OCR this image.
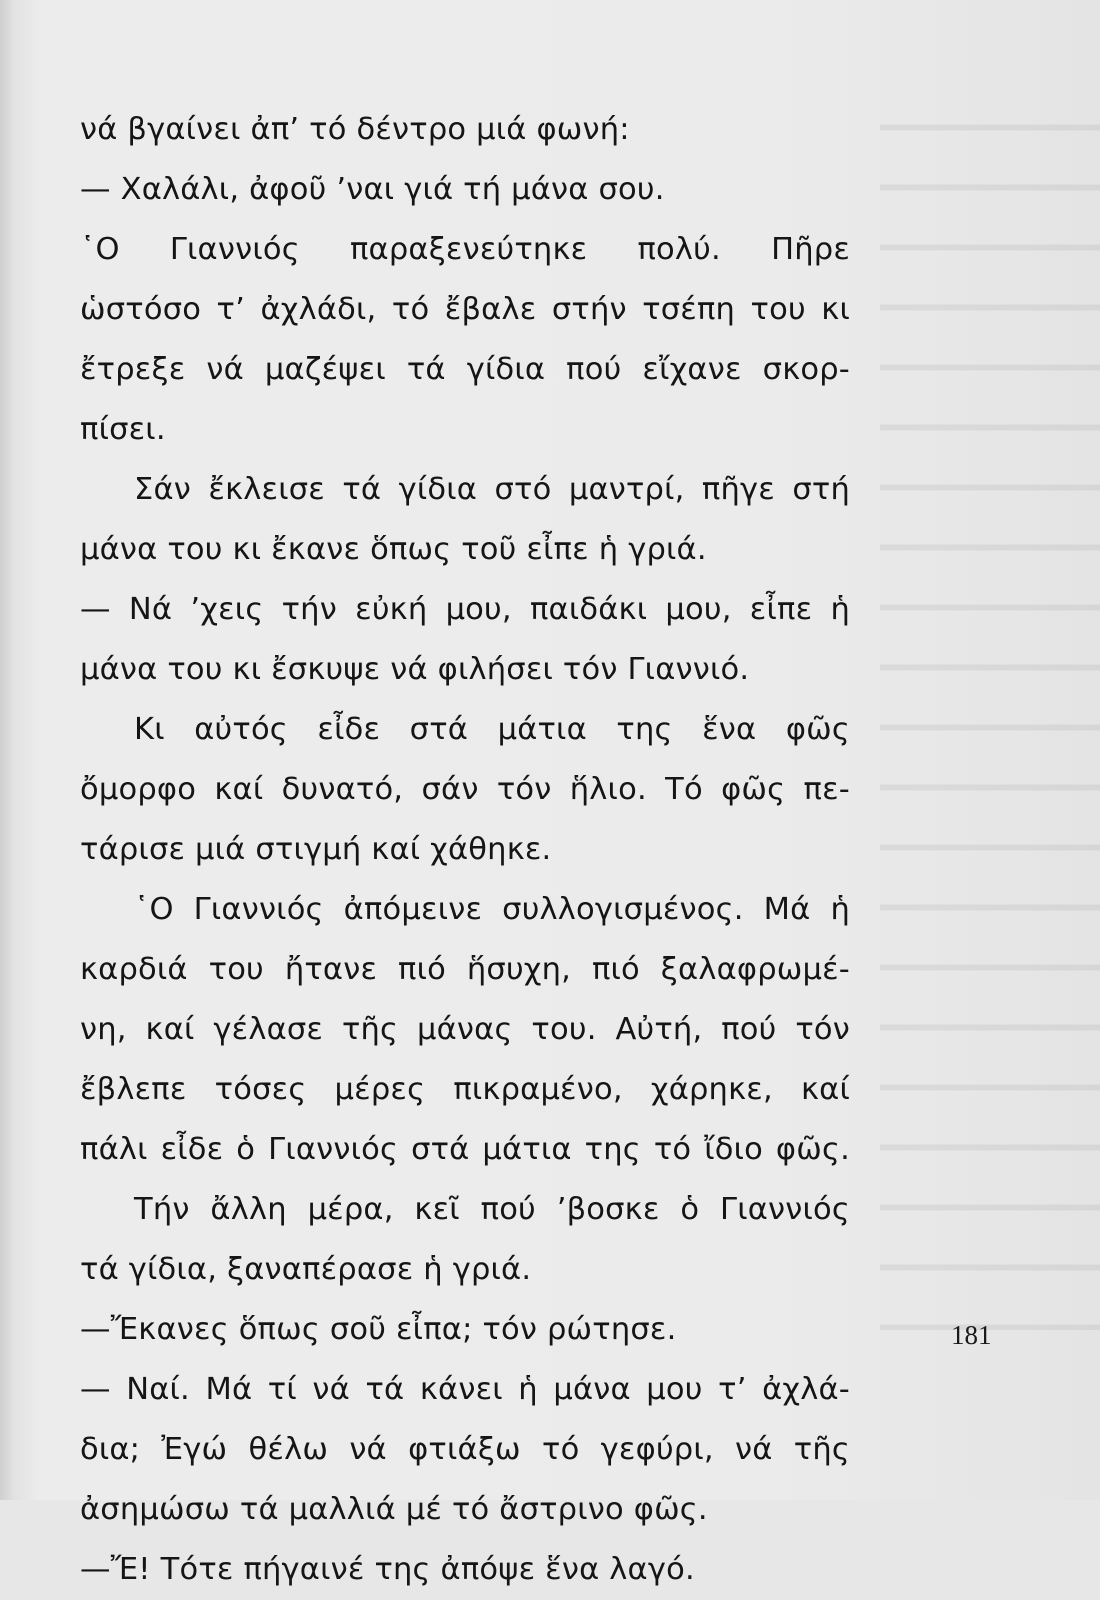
νά βγαίνει ἀπ’ τό δέντρο μιά φωνή:
— Χαλάλι, ἀφοῦ ’ναι γιά τή μάνα σου.
῾Ο Γιαννιός παραξενεύτηκε πολύ. Πῆρε
ὡστόσο τ’ ἀχλάδι, τό ἔβαλε στήν τσέπη του κι
ἔτρεξε νά μαζέψει τά γίδια πού εἴχανε σκορ-
πίσει.
Σάν ἔκλεισε τά γίδια στό μαντρί, πῆγε στή
μάνα του κι ἔκανε ὅπως τοῦ εἶπε ἡ γριά.
— Νά ’χεις τήν εὐκή μου, παιδάκι μου, εἶπε ἡ
μάνα του κι ἔσκυψε νά φιλήσει τόν Γιαννιό.
Κι αὐτός εἶδε στά μάτια της ἕνα φῶς
ὄμορφο καί δυνατό, σάν τόν ἥλιο. Τό φῶς πε-
τάρισε μιά στιγμή καί χάθηκε.
῾Ο Γιαννιός ἀπόμεινε συλλογισμένος. Μά ἡ
καρδιά του ἤτανε πιό ἥσυχη, πιό ξαλαφρωμέ-
νη, καί γέλασε τῆς μάνας του. Αὐτή, πού τόν
ἔβλεπε τόσες μέρες πικραμένο, χάρηκε, καί
πάλι εἶδε ὁ Γιαννιός στά μάτια της τό ἴδιο φῶς.
Τήν ἄλλη μέρα, κεῖ πού ’βοσκε ὁ Γιαννιός
τά γίδια, ξαναπέρασε ἡ γριά.
—Ἔκανες ὅπως σοῦ εἶπα; τόν ρώτησε.
— Ναί. Μά τί νά τά κάνει ἡ μάνα μου τ’ ἀχλά-
δια; Ἐγώ θέλω νά φτιάξω τό γεφύρι, νά τῆς
ἀσημώσω τά μαλλιά μέ τό ἄστρινο φῶς.
—Ἔ! Τότε πήγαινέ της ἀπόψε ἕνα λαγό.
181
